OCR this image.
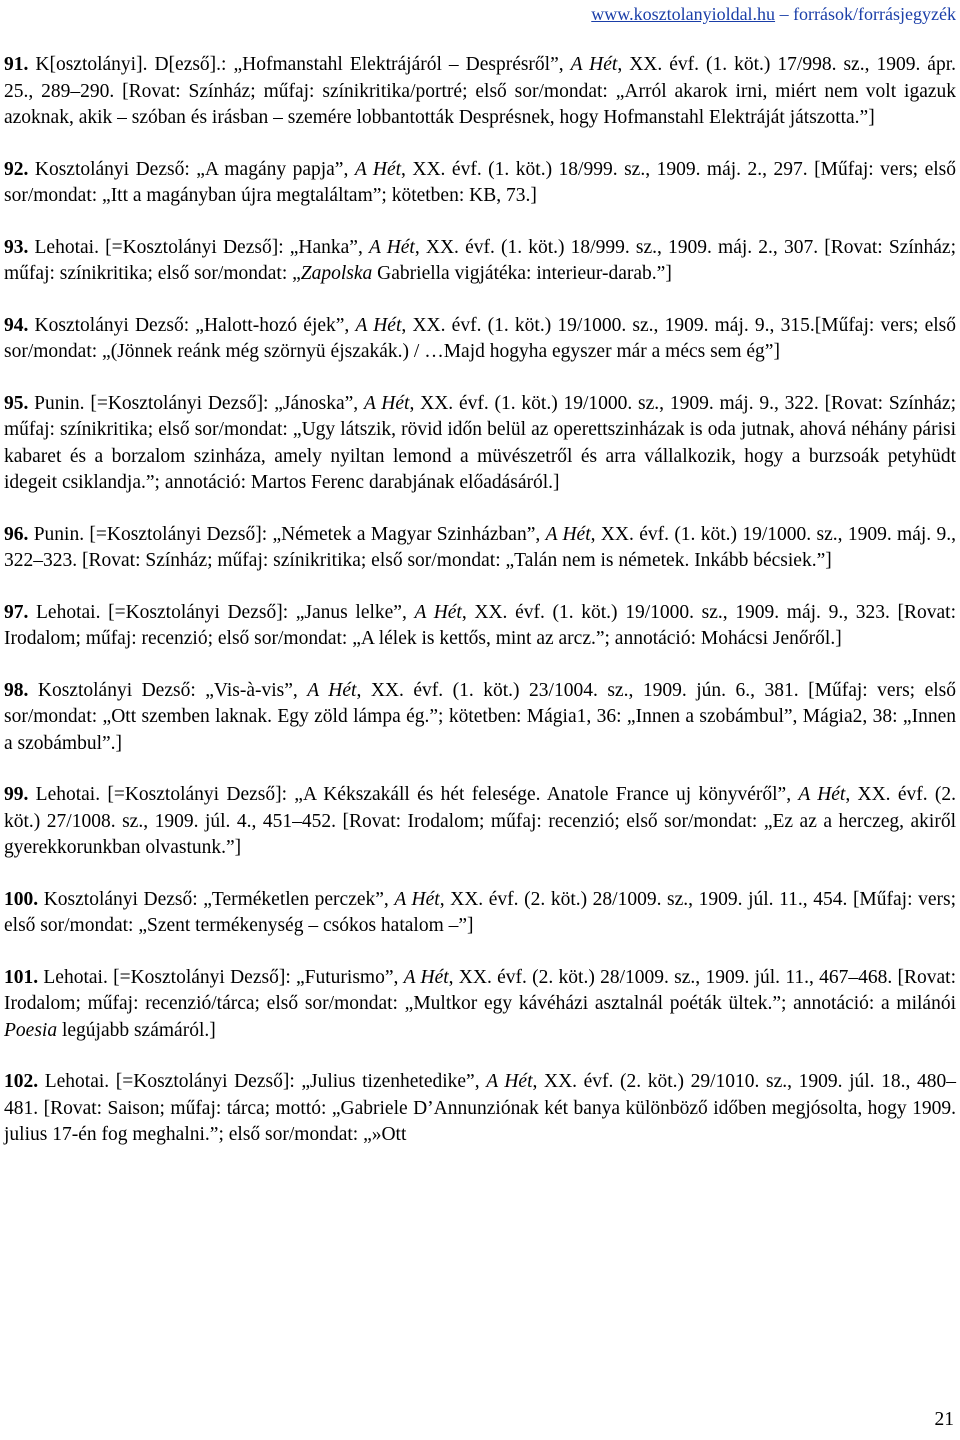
www.kosztolanyioldal.hu – források/forrásjegyzék

91. K[osztolányi]. D[ezső].: „Hofmanstahl Elektrájáról – Desprésről”, A Hét, XX. évf. (1. köt.) 17/998. sz., 1909. ápr. 25., 289–290. [Rovat: Színház; műfaj: színikritika/portré; első sor/mondat: „Arról akarok irni, miért nem volt igazuk azoknak, akik – szóban és irásban – szemére lobbantották Desprésnek, hogy Hofmanstahl Elektráját játszotta.”]

92. Kosztolányi Dezső: „A magány papja”, A Hét, XX. évf. (1. köt.) 18/999. sz., 1909. máj. 2., 297. [Műfaj: vers; első sor/mondat: „Itt a magányban újra megtaláltam”; kötetben: KB, 73.]

93. Lehotai. [=Kosztolányi Dezső]: „Hanka”, A Hét, XX. évf. (1. köt.) 18/999. sz., 1909. máj. 2., 307. [Rovat: Színház; műfaj: színikritika; első sor/mondat: „Zapolska Gabriella vigjátéka: interieur-darab.”]

94. Kosztolányi Dezső: „Halott-hozó éjek”, A Hét, XX. évf. (1. köt.) 19/1000. sz., 1909. máj. 9., 315.[Műfaj: vers; első sor/mondat: „(Jönnek reánk még szörnyü éjszakák.) / …Majd hogyha egyszer már a mécs sem ég”]

95. Punin. [=Kosztolányi Dezső]: „Jánoska”, A Hét, XX. évf. (1. köt.) 19/1000. sz., 1909. máj. 9., 322. [Rovat: Színház; műfaj: színikritika; első sor/mondat: „Ugy látszik, rövid időn belül az operettszinházak is oda jutnak, ahová néhány párisi kabaret és a borzalom szinháza, amely nyiltan lemond a müvészetről és arra vállalkozik, hogy a burzsoák petyhüdt idegeit csiklandja.”; annotáció: Martos Ferenc darabjának előadásáról.]

96. Punin. [=Kosztolányi Dezső]: „Németek a Magyar Szinházban”, A Hét, XX. évf. (1. köt.) 19/1000. sz., 1909. máj. 9., 322–323. [Rovat: Színház; műfaj: színikritika; első sor/mondat: „Talán nem is németek. Inkább bécsiek.”]

97. Lehotai. [=Kosztolányi Dezső]: „Janus lelke”, A Hét, XX. évf. (1. köt.) 19/1000. sz., 1909. máj. 9., 323. [Rovat: Irodalom; műfaj: recenzió; első sor/mondat: „A lélek is kettős, mint az arcz.”; annotáció: Mohácsi Jenőről.]

98. Kosztolányi Dezső: „Vis-à-vis”, A Hét, XX. évf. (1. köt.) 23/1004. sz., 1909. jún. 6., 381. [Műfaj: vers; első sor/mondat: „Ott szemben laknak. Egy zöld lámpa ég.”; kötetben: Mágia1, 36: „Innen a szobámbul”, Mágia2, 38: „Innen a szobámbul”.]

99. Lehotai. [=Kosztolányi Dezső]: „A Kékszakáll és hét felesége. Anatole France uj könyvéről”, A Hét, XX. évf. (2. köt.) 27/1008. sz., 1909. júl. 4., 451–452. [Rovat: Irodalom; műfaj: recenzió; első sor/mondat: „Ez az a herczeg, akiről gyerekkorunkban olvastunk.”]

100. Kosztolányi Dezső: „Terméketlen perczek”, A Hét, XX. évf. (2. köt.) 28/1009. sz., 1909. júl. 11., 454. [Műfaj: vers; első sor/mondat: „Szent termékenység – csókos hatalom –”]

101. Lehotai. [=Kosztolányi Dezső]: „Futurismo”, A Hét, XX. évf. (2. köt.) 28/1009. sz., 1909. júl. 11., 467–468. [Rovat: Irodalom; műfaj: recenzió/tárca; első sor/mondat: „Multkor egy kávéházi asztalnál poéták ültek.”; annotáció: a milánói Poesia legújabb számáról.]

102. Lehotai. [=Kosztolányi Dezső]: „Julius tizenhetedike”, A Hét, XX. évf. (2. köt.) 29/1010. sz., 1909. júl. 18., 480–481. [Rovat: Saison; műfaj: tárca; mottó: „Gabriele D’Annunziónak két banya különböző időben megjósolta, hogy 1909. julius 17-én fog meghalni.”; első sor/mondat: „»Ott

21
